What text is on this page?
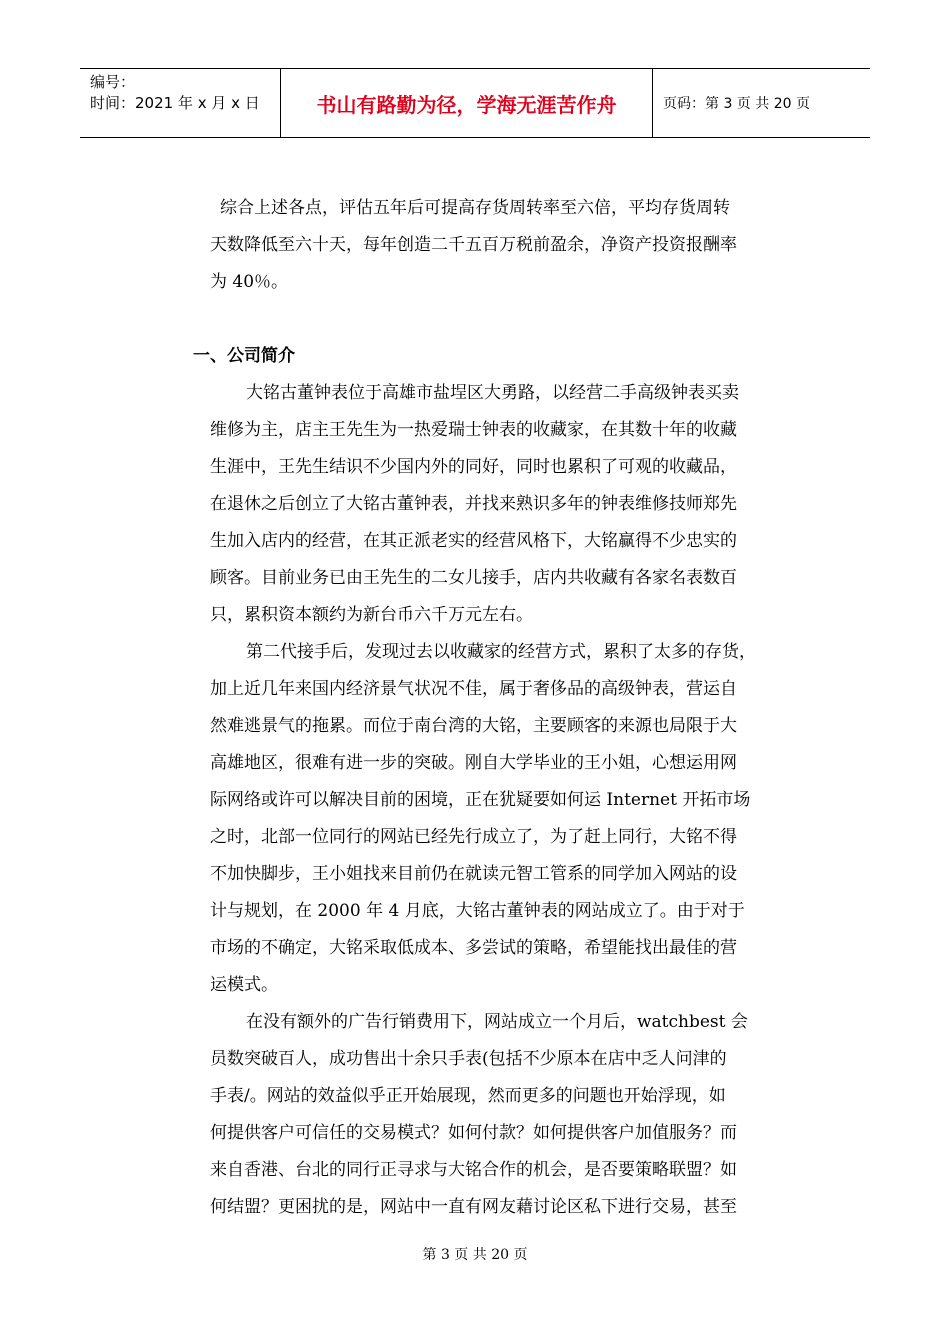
编号：
时间：2021 年 x 月 x 日	书山有路勤为径，学海无涯苦作舟	页码：第 3 页 共 20 页
综合上述各点，评估五年后可提高存货周转率至六倍，平均存货周转
天数降低至六十天，每年创造二千五百万税前盈余，净资产投资报酬率
为 40％。
一、公司简介
大铭古董钟表位于高雄市盐埕区大勇路，以经营二手高级钟表买卖
维修为主，店主王先生为一热爱瑞士钟表的收藏家，在其数十年的收藏
生涯中，王先生结识不少国内外的同好，同时也累积了可观的收藏品，
在退休之后创立了大铭古董钟表，并找来熟识多年的钟表维修技师郑先
生加入店内的经营，在其正派老实的经营风格下，大铭赢得不少忠实的
顾客。目前业务已由王先生的二女儿接手，店内共收藏有各家名表数百
只，累积资本额约为新台币六千万元左右。
第二代接手后，发现过去以收藏家的经营方式，累积了太多的存货，
加上近几年来国内经济景气状况不佳，属于奢侈品的高级钟表，营运自
然难逃景气的拖累。而位于南台湾的大铭，主要顾客的来源也局限于大
高雄地区，很难有进一步的突破。刚自大学毕业的王小姐，心想运用网
际网络或许可以解决目前的困境，正在犹疑要如何运 Internet 开拓市场
之时，北部一位同行的网站已经先行成立了，为了赶上同行，大铭不得
不加快脚步，王小姐找来目前仍在就读元智工管系的同学加入网站的设
计与规划，在 2000 年 4 月底，大铭古董钟表的网站成立了。由于对于
市场的不确定，大铭采取低成本、多尝试的策略，希望能找出最佳的营
运模式。
在没有额外的广告行销费用下，网站成立一个月后，watchbest 会
员数突破百人，成功售出十余只手表(包括不少原本在店中乏人问津的
手表/。网站的效益似乎正开始展现，然而更多的问题也开始浮现，如
何提供客户可信任的交易模式？如何付款？如何提供客户加值服务？而
来自香港、台北的同行正寻求与大铭合作的机会，是否要策略联盟？如
何结盟？更困扰的是，网站中一直有网友藉讨论区私下进行交易，甚至
第 3 页 共 20 页
